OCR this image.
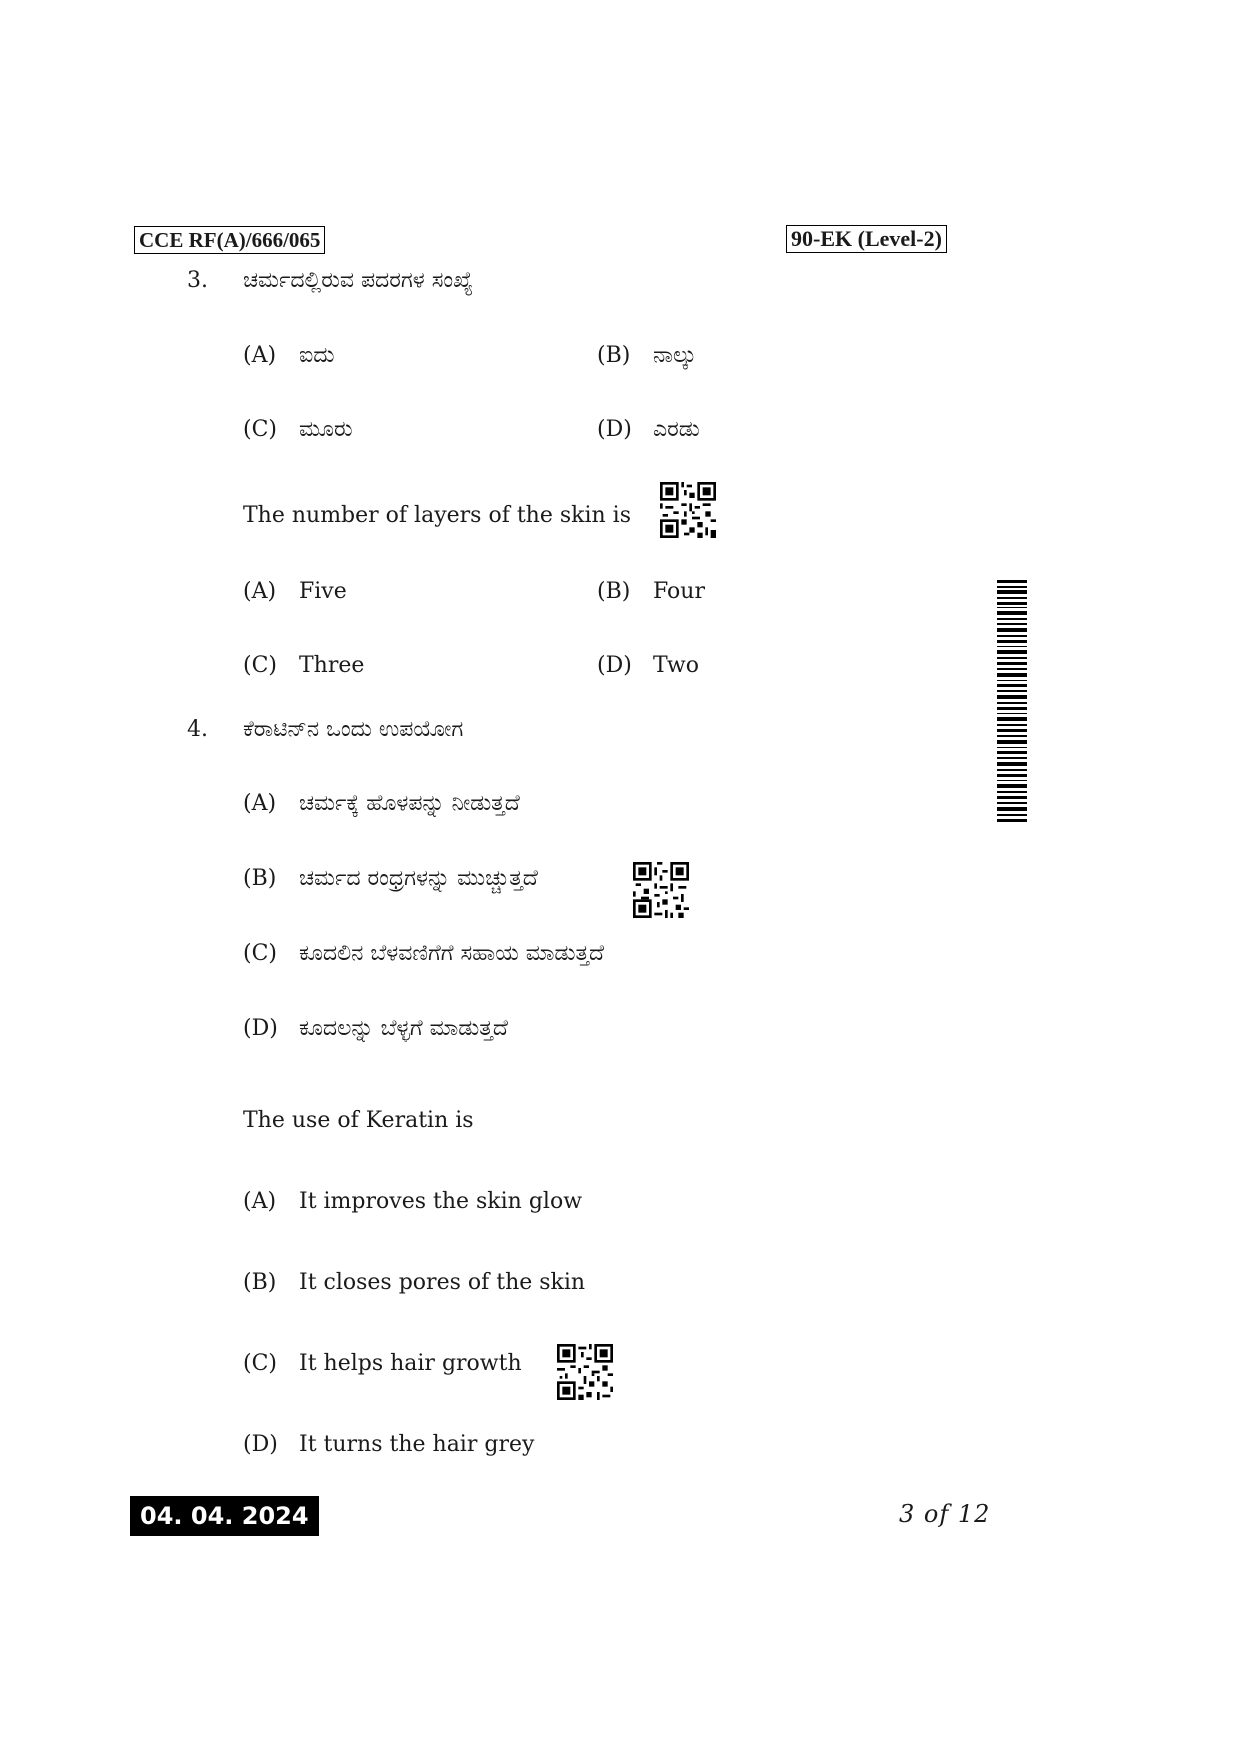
CCE RF(A)/666/065	90-EK (Level-2)
3. ಚರ್ಮದಲ್ಲಿರುವ ಪದರಗಳ ಸಂಖ್ಯೆ
(A) ಐದು	(B) ನಾಲ್ಕು
(C) ಮೂರು	(D) ಎರಡು
The number of layers of the skin is
(A) Five	(B) Four
(C) Three	(D) Two
4. ಕೆರಾಟಿನ್‌ನ ಒಂದು ಉಪಯೋಗ
(A) ಚರ್ಮಕ್ಕೆ ಹೊಳಪನ್ನು ನೀಡುತ್ತದೆ
(B) ಚರ್ಮದ ರಂಧ್ರಗಳನ್ನು ಮುಚ್ಚುತ್ತದೆ
(C) ಕೂದಲಿನ ಬೆಳವಣಿಗೆಗೆ ಸಹಾಯ ಮಾಡುತ್ತದೆ
(D) ಕೂದಲನ್ನು ಬೆಳ್ಳಗೆ ಮಾಡುತ್ತದೆ
The use of Keratin is
(A) It improves the skin glow
(B) It closes pores of the skin
(C) It helps hair growth
(D) It turns the hair grey
04. 04. 2024	3 of 12
